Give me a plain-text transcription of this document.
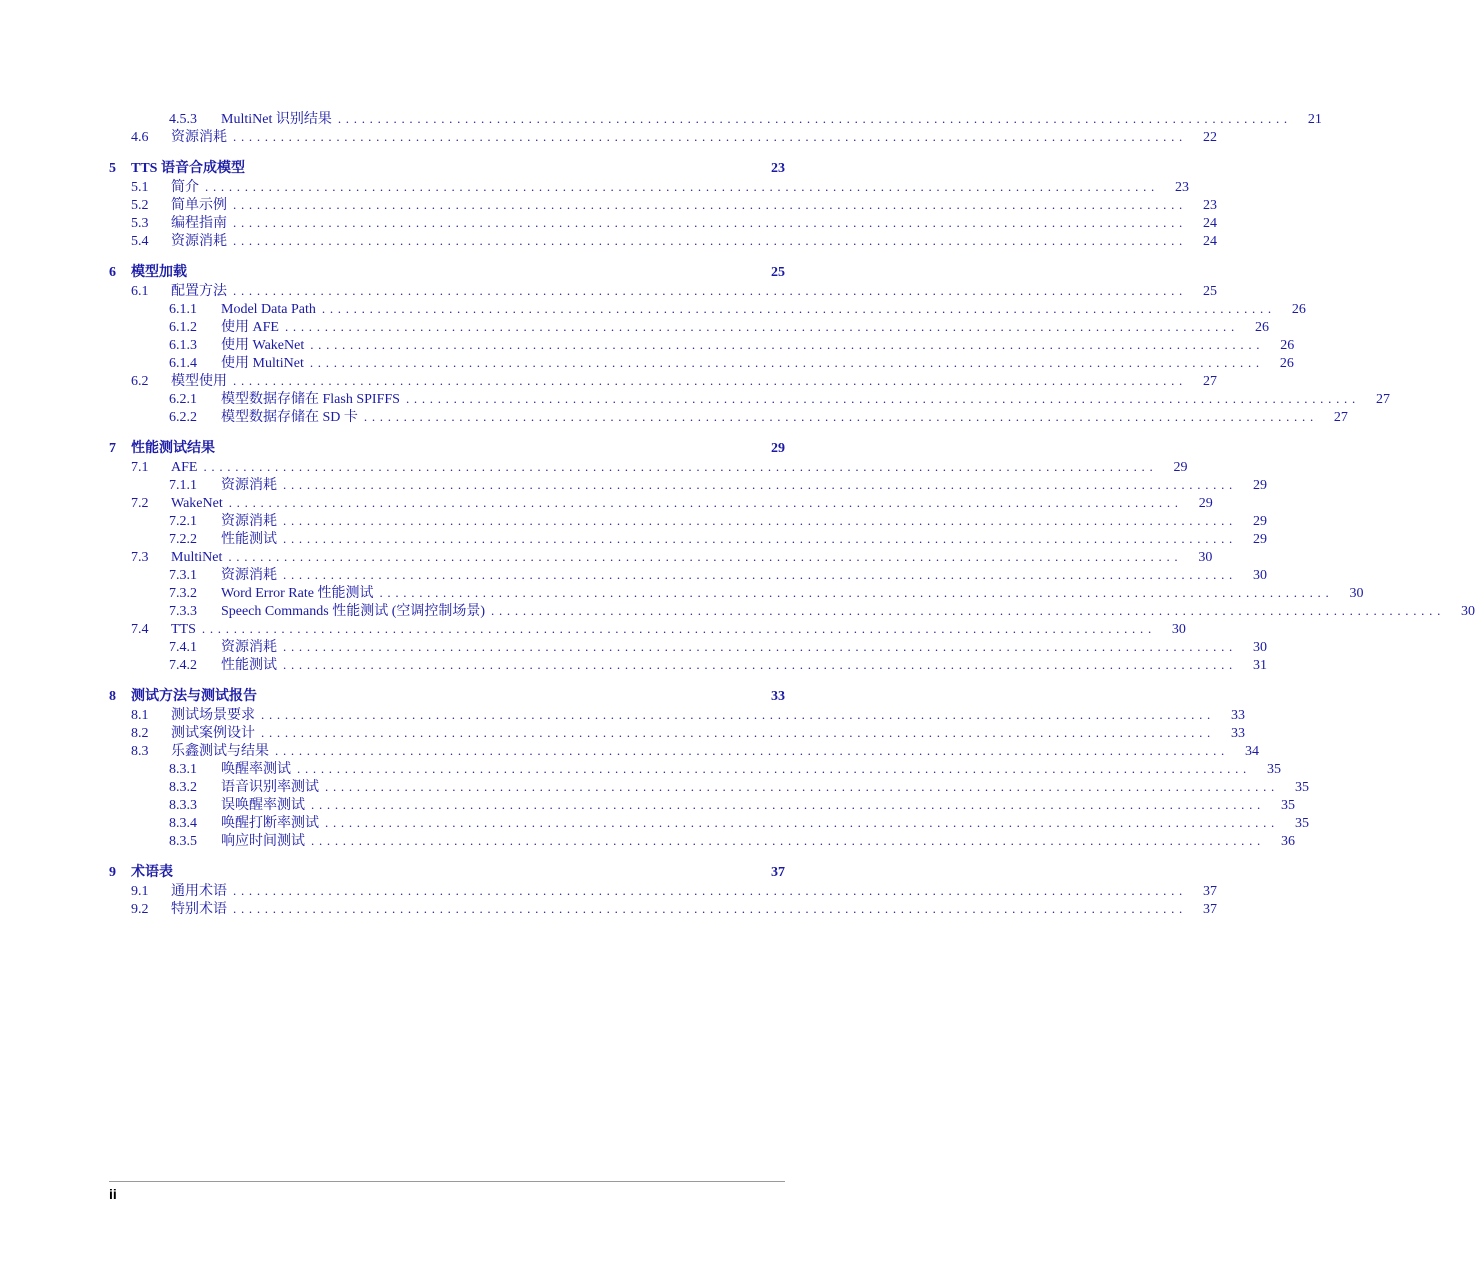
4.5.3	MultiNet 识别结果 ........................................................................................................................	21
4.6	资源消耗 ........................................................................................................................	22
5	TTS 语音合成模型	23
5.1	简介 ........................................................................................................................	23
5.2	简单示例 ........................................................................................................................	23
5.3	编程指南 ........................................................................................................................	24
5.4	资源消耗 ........................................................................................................................	24
6	模型加载	25
6.1	配置方法 ........................................................................................................................	25
6.1.1	Model Data Path ........................................................................................................................	26
6.1.2	使用 AFE ........................................................................................................................	26
6.1.3	使用 WakeNet ........................................................................................................................	26
6.1.4	使用 MultiNet ........................................................................................................................	26
6.2	模型使用 ........................................................................................................................	27
6.2.1	模型数据存储在 Flash SPIFFS ........................................................................................................................	27
6.2.2	模型数据存储在 SD 卡 ........................................................................................................................	27
7	性能测试结果	29
7.1	AFE ........................................................................................................................	29
7.1.1	资源消耗 ........................................................................................................................	29
7.2	WakeNet ........................................................................................................................	29
7.2.1	资源消耗 ........................................................................................................................	29
7.2.2	性能测试 ........................................................................................................................	29
7.3	MultiNet ........................................................................................................................	30
7.3.1	资源消耗 ........................................................................................................................	30
7.3.2	Word Error Rate 性能测试 ........................................................................................................................	30
7.3.3	Speech Commands 性能测试 (空调控制场景) ........................................................................................................................	30
7.4	TTS ........................................................................................................................	30
7.4.1	资源消耗 ........................................................................................................................	30
7.4.2	性能测试 ........................................................................................................................	31
8	测试方法与测试报告	33
8.1	测试场景要求 ........................................................................................................................	33
8.2	测试案例设计 ........................................................................................................................	33
8.3	乐鑫测试与结果 ........................................................................................................................	34
8.3.1	唤醒率测试 ........................................................................................................................	35
8.3.2	语音识别率测试 ........................................................................................................................	35
8.3.3	误唤醒率测试 ........................................................................................................................	35
8.3.4	唤醒打断率测试 ........................................................................................................................	35
8.3.5	响应时间测试 ........................................................................................................................	36
9	术语表	37
9.1	通用术语 ........................................................................................................................	37
9.2	特别术语 ........................................................................................................................	37
ii
